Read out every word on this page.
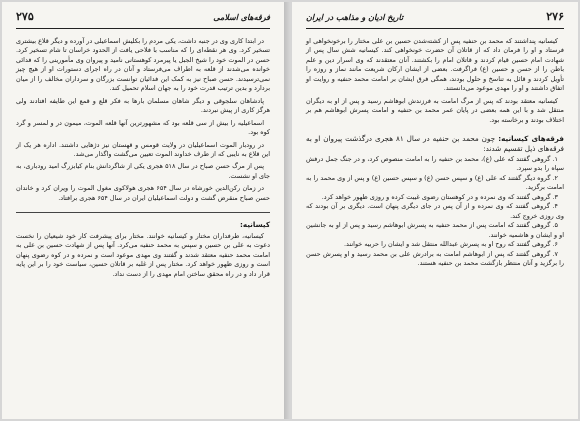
فرقه‌های اسلامی
۲۷۵

در ابتدا کاری وی در جنبه داشت، یکی مردم را بکلیش اسماعیلی در آورده و دیگر قلاع بیشتری تسخیر کرد. وی هر نقطه‌ای را که مناسب با فلاحی یافت از الحدود خراسان تا شام تسخیر کرد. حسن در الموت خود را شیخ الجبل یا پیرمرد کوهستانی نامید و پیروان وی مأمورینی را که فدائی خوانده می‌شدند از قلعه به اطراف می‌فرستاد و آنان در راه اجرای دستورات او از هیچ چیز نمی‌ترسیدند. حسن صباح نیز به کمک این فدائیان توانست بزرگان و سرداران مخالف را از میان بردارد و بدین ترتیب قدرت خود را به جهان اسلام تحمیل کند.

پادشاهان سلجوقی و دیگر شاهان مسلمان بارها به فکر قلع و قمع این طایفه افتادند ولی هرگز کاری از پیش نبردند.

اسماعیلیه را بیش از سی قلعه بود که مشهورترین آنها قلعه الموت، میمون در و لمسر و گرد کوه بود.

در رودبار الموت اسماعیلیان در ولایت قومس و قهستان نیز دژهایی داشتند. اداره هر یک از این قلاع به نایبی که از طرف خداوند الموت تعیین می‌گشت واگذار می‌شد.

پس از مرگ حسن صباح در سال ۵۱۸ هجری یکی از شاگردانش بنام کیابزرگ امید رودباری، به جای او نشست.

در زمان رکن‌الدین خورشاه در سال ۶۵۴ هجری هولاکوی مغول الموت را ویران کرد و خاندان حسن صباح منقرض گشت و دولت اسماعیلیان ایران در سال ۶۵۴ هجری برافتاد.

کیسانیه:

کیسانیه، طرفداران مختار و کیسانیه خوانند. مختار برای پیشرفت کار خود شیعیان را نخست دعوت به علی بن حسین و سپس به محمد حنفیه می‌کرد. آنها پس از شهادت حسین بن علی به امامت محمد حنفیه معتقد شدند و گفتند وی مهدی موعود است و نمرده و در کوه رضوی پنهان است و روزی ظهور خواهد کرد. مختار پس از غلبه بر قاتلان حسین، سیاست خود را بر این پایه قرار داد و در راه محقق ساختن امام مهدی را از دست نداد.

۲۷۶
تاریخ ادیان و مذاهب در ایران

کیسانیه پنداشتند که محمد بن حنفیه پس از کشته‌شدن حسین بن علی مختار را برخونخواهی او فرستاد و او را فرمان داد که از قاتلان آن حضرت خونخواهی کند. کیسانیه شش سال پس از شهادت امام حسین قیام کردند و قاتلان امام را بکشتند. آنان معتقدند که وی اسرار دین و علم باطن را از حسن و حسین (ع) فراگرفت. بعضی از ایشان ارکان شریعت مانند نماز و روزه را تأویل کردند و قائل به تناسخ و حلول بودند، همگی فرق ایشان بر امامت محمد حنفیه و روایت او اتفاق داشتند و او را مهدی موعود می‌دانستند.

کیسانیه معتقد بودند که پس از مرگ امامت به فرزندش ابوهاشم رسید و پس از او به دیگران منتقل شد و با این همه بعضی در پایان عمر محمد بن حنفیه و امامت پسرش ابوهاشم هم بر اختلاف بودند و برخاسته بود.

فرقه‌های کیسانیه: چون محمد بن حنفیه در سال ۸۱ هجری درگذشت پیروان او به فرقه‌های ذیل تقسیم شدند:

۱. گروهی گفتند که علی (ع)، محمد بن حنفیه را به امامت منصوص کرد، و در جنگ جمل درفش سپاه را بدو سپرد.

۲. گروه دیگر گفتند که علی (ع) و سپس حسن (ع) و سپس حسین (ع) و پس از وی محمد را به امامت برگزید.

۳. گروهی گفتند که وی نمرده و در کوهستان رضوی غیبت کرده و روزی ظهور خواهد کرد.

۴. گروهی گفتند که وی نمرده و از آن پس در جای دیگری پنهان است. دیگری بر آن بودند که وی روزی خروج کند.

۵. گروهی گفتند که امامت پس از محمد حنفیه به پسرش ابوهاشم رسید و پس از او به جانشین او و ایشان و هاشمیه خوانند.

۶. گروهی گفتند که روح او به پسرش عبدالله منتقل شد و ایشان را حربیه خوانند.

۷. گروهی گفتند که پس از ابوهاشم امامت به برادرش علی بن محمد رسید و او پسرش حسن را برگزید و آنان منتظر بازگشت محمد بن حنفیه هستند.
